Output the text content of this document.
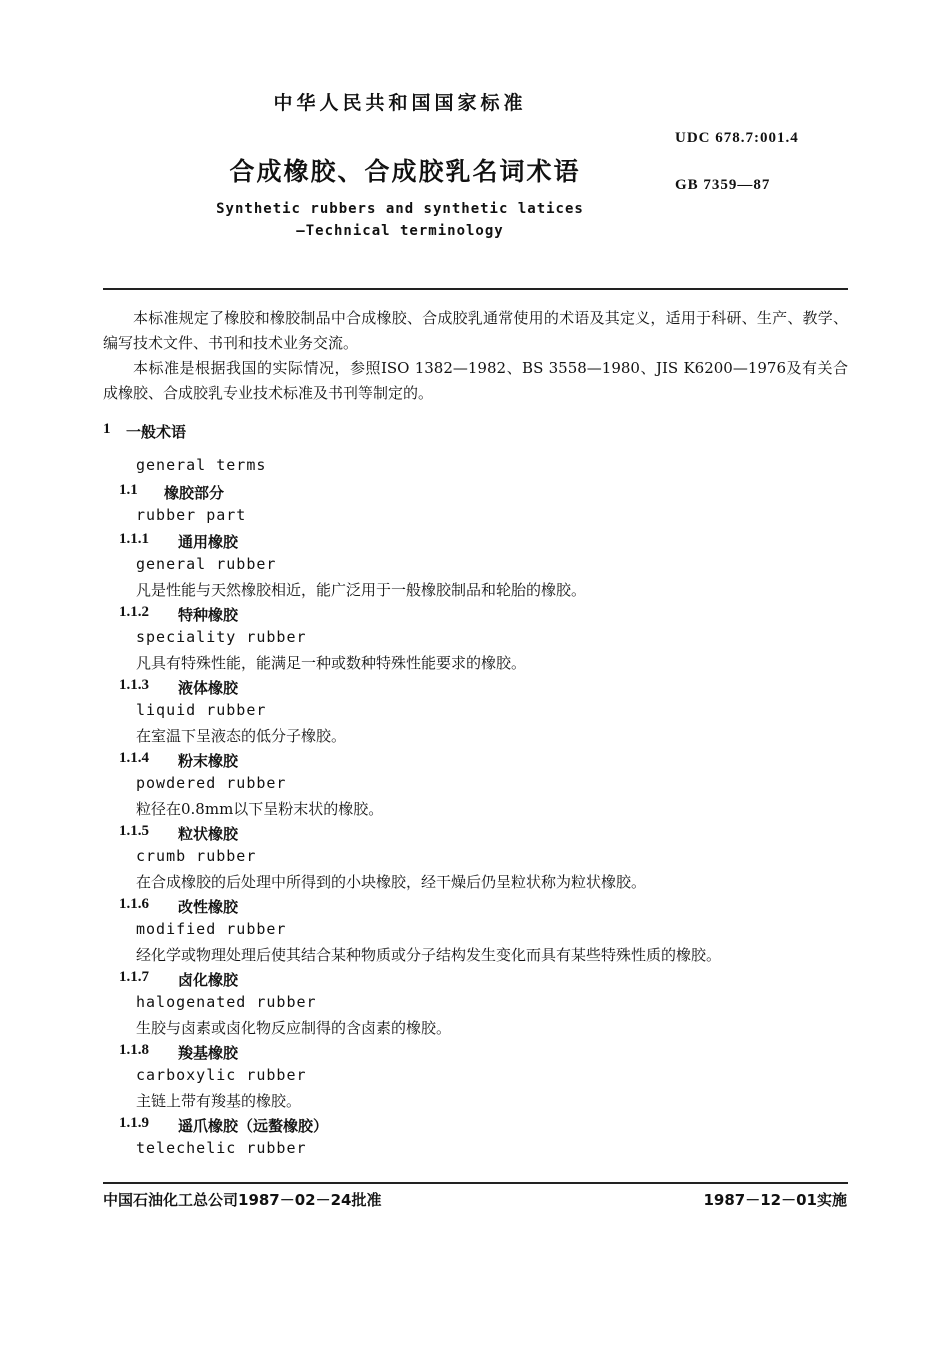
中华人民共和国国家标准
UDC 678.7:001.4
合成橡胶、合成胶乳名词术语	GB 7359—87
Synthetic rubbers and synthetic latices
—Technical terminology

本标准规定了橡胶和橡胶制品中合成橡胶、合成胶乳通常使用的术语及其定义，适用于科研、生产、教学、编写技术文件、书刊和技术业务交流。

本标准是根据我国的实际情况，参照ISO 1382—1982、BS 3558—1980、JIS K6200—1976及有关合成橡胶、合成胶乳专业技术标准及书刊等制定的。

1 一般术语
general terms
1.1 橡胶部分
rubber part
1.1.1 通用橡胶
general rubber
凡是性能与天然橡胶相近，能广泛用于一般橡胶制品和轮胎的橡胶。
1.1.2 特种橡胶
speciality rubber
凡具有特殊性能，能满足一种或数种特殊性能要求的橡胶。
1.1.3 液体橡胶
liquid rubber
在室温下呈液态的低分子橡胶。
1.1.4 粉末橡胶
powdered rubber
粒径在0.8mm以下呈粉末状的橡胶。
1.1.5 粒状橡胶
crumb rubber
在合成橡胶的后处理中所得到的小块橡胶，经干燥后仍呈粒状称为粒状橡胶。
1.1.6 改性橡胶
modified rubber
经化学或物理处理后使其结合某种物质或分子结构发生变化而具有某些特殊性质的橡胶。
1.1.7 卤化橡胶
halogenated rubber
生胶与卤素或卤化物反应制得的含卤素的橡胶。
1.1.8 羧基橡胶
carboxylic rubber
主链上带有羧基的橡胶。
1.1.9 遥爪橡胶（远螯橡胶）
telechelic rubber
中国石油化工总公司1987－02－24批准	1987－12－01实施
